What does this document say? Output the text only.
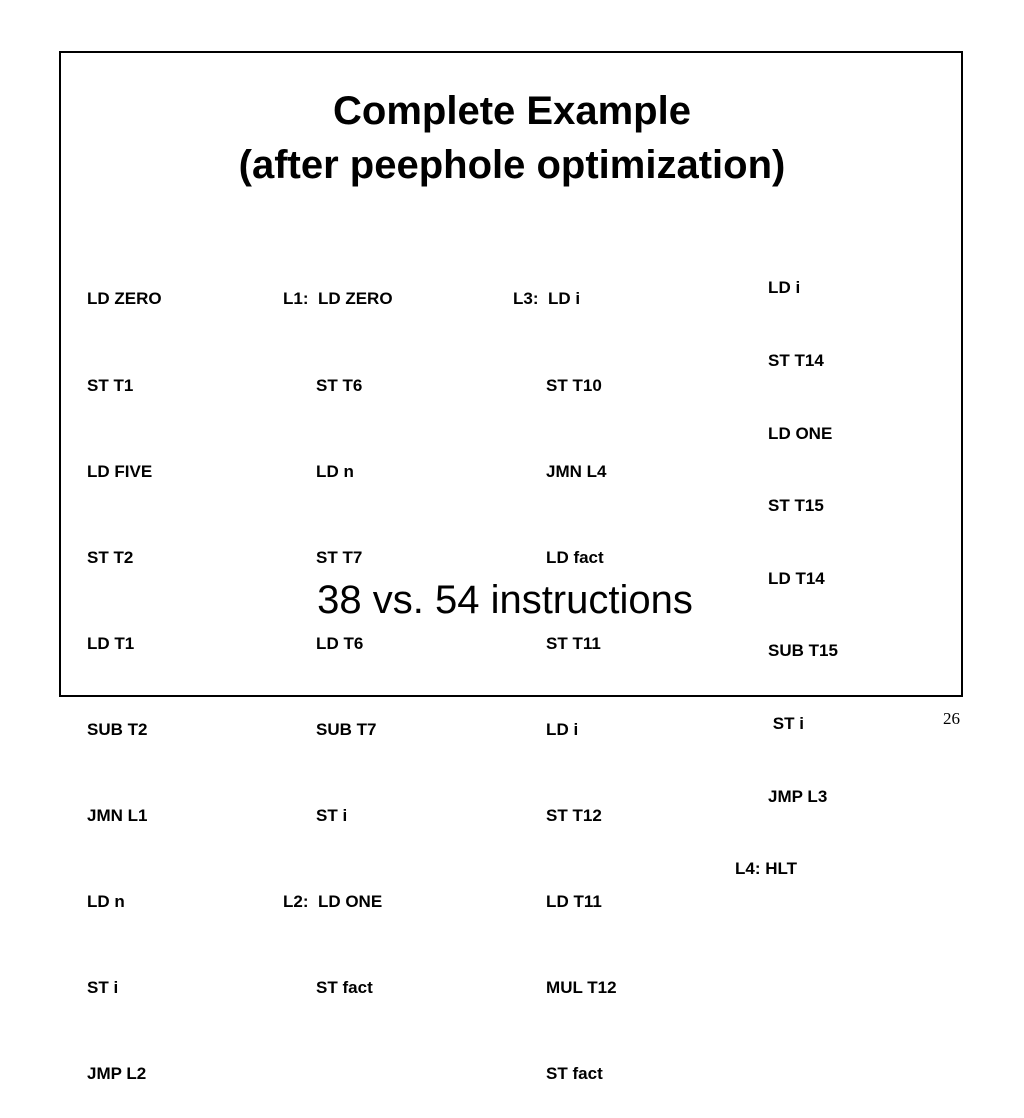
Complete Example
(after peephole optimization)

LD ZERO

ST T1

LD FIVE

ST T2

LD T1

SUB T2

JMN L1

LD n

ST i

JMP L2

L1:  LD ZERO

ST T6

LD n

ST T7

LD T6

SUB T7

ST i

L2:  LD ONE

ST fact

L3:  LD i

ST T10

JMN L4

LD fact

ST T11

LD i

ST T12

LD T11

MUL T12

ST fact

LD i

ST T14

LD ONE

ST T15

LD T14

SUB T15

ST i

JMP L3

L4: HLT

38 vs. 54 instructions
26
